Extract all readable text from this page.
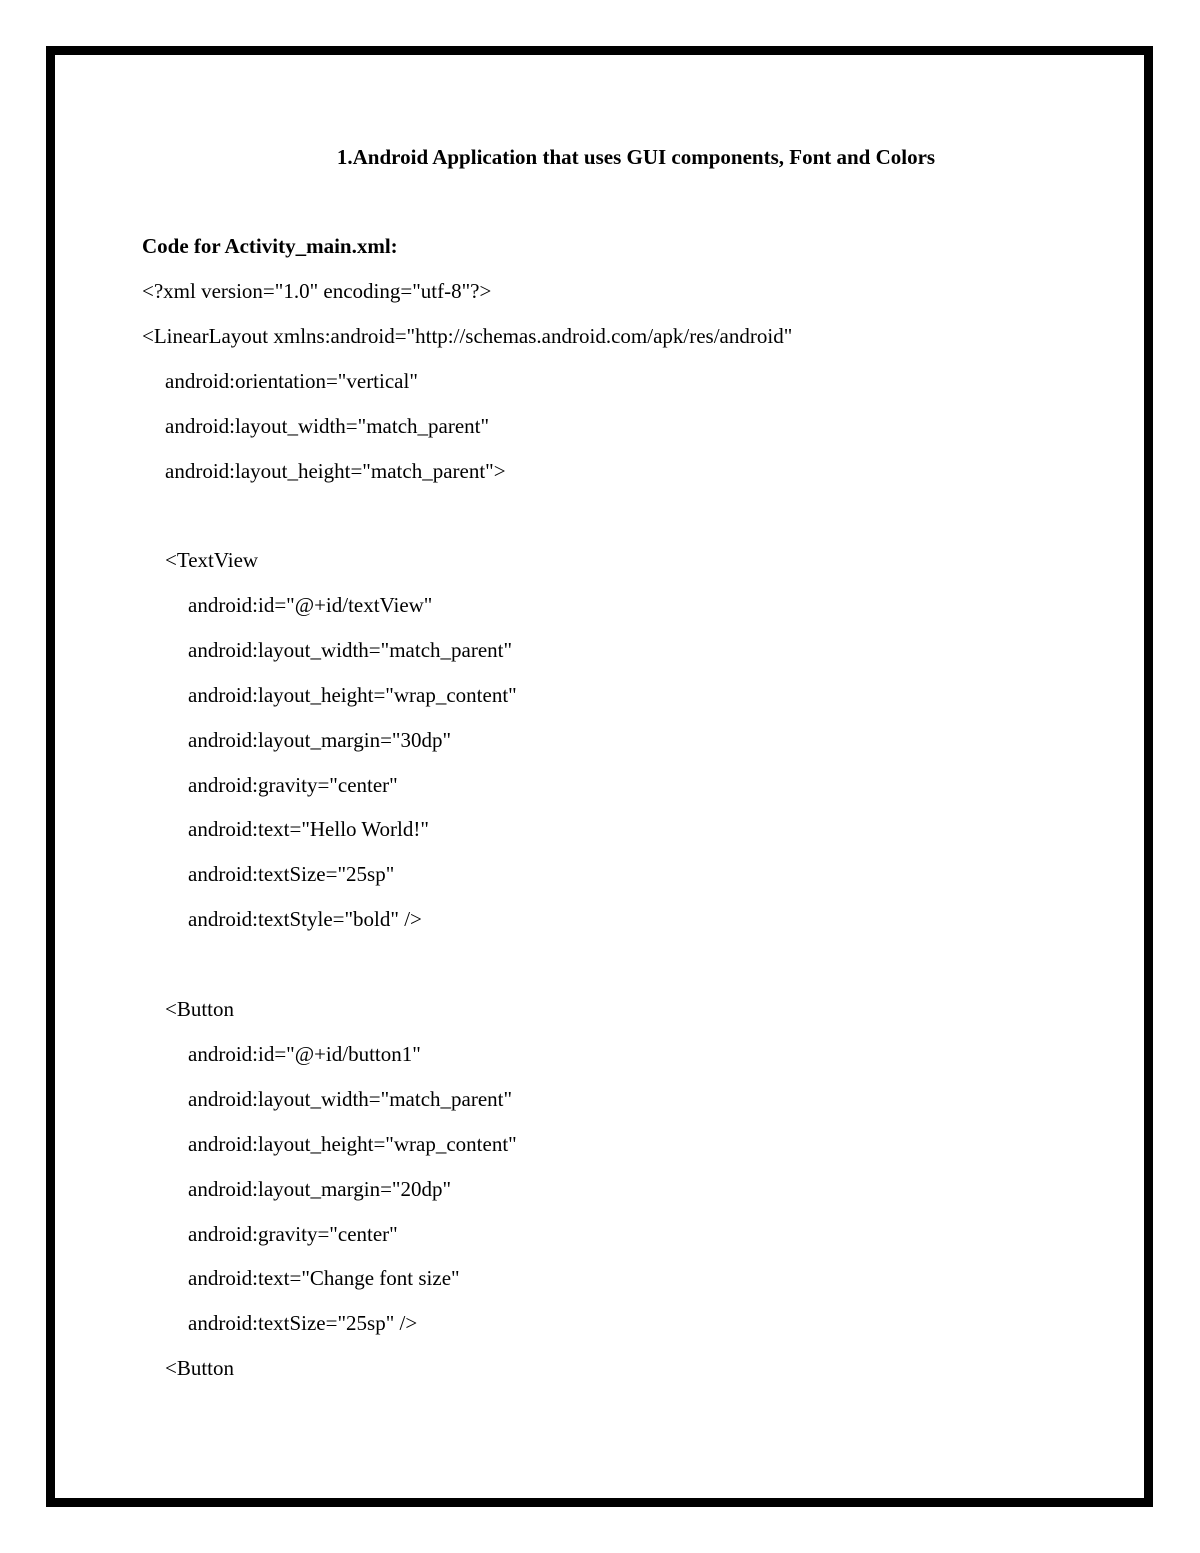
1.Android Application that uses GUI components, Font and Colors
Code for Activity_main.xml:
<?xml version="1.0" encoding="utf-8"?>
<LinearLayout xmlns:android="http://schemas.android.com/apk/res/android"
android:orientation="vertical"
android:layout_width="match_parent"
android:layout_height="match_parent">
<TextView
android:id="@+id/textView"
android:layout_width="match_parent"
android:layout_height="wrap_content"
android:layout_margin="30dp"
android:gravity="center"
android:text="Hello World!"
android:textSize="25sp"
android:textStyle="bold" />
<Button
android:id="@+id/button1"
android:layout_width="match_parent"
android:layout_height="wrap_content"
android:layout_margin="20dp"
android:gravity="center"
android:text="Change font size"
android:textSize="25sp" />
<Button
